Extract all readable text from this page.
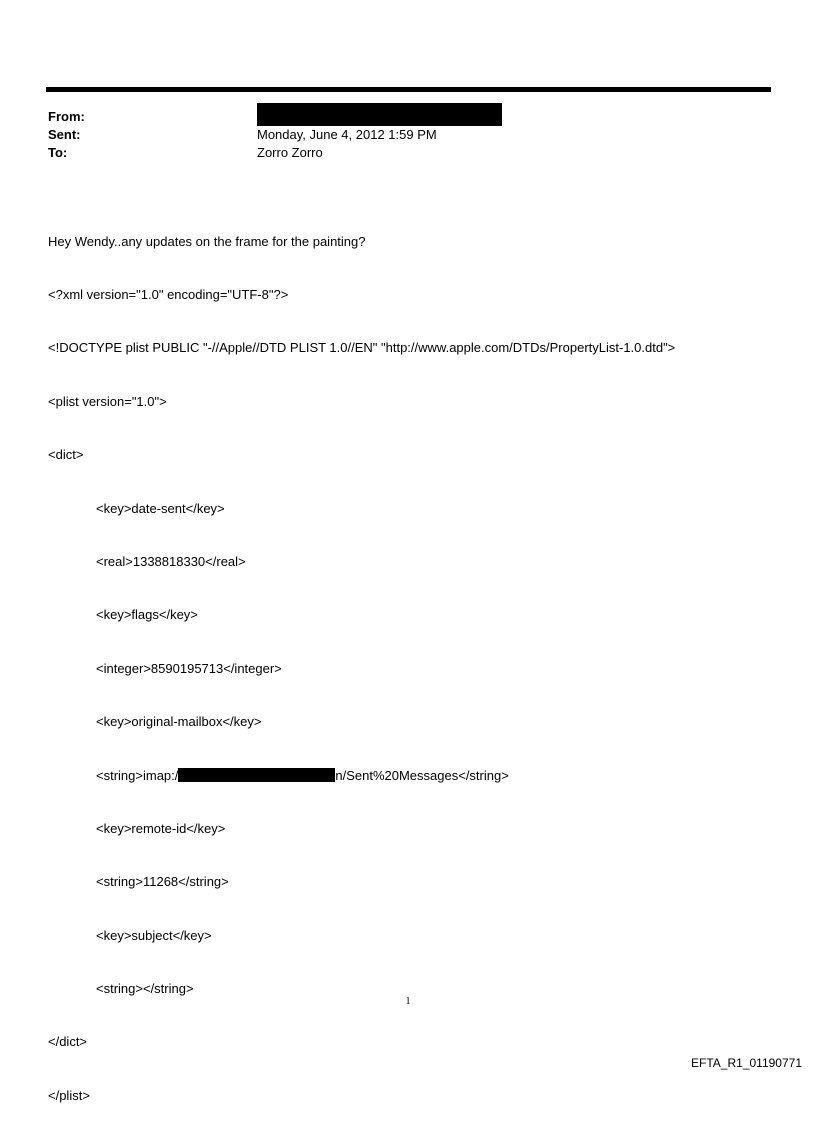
From:
Sent:	Monday, June 4, 2012 1:59 PM
To:	Zorro Zorro

Hey Wendy..any updates on the frame for the painting?

<?xml version="1.0" encoding="UTF-8"?>

<!DOCTYPE plist PUBLIC "-//Apple//DTD PLIST 1.0//EN" "http://www.apple.com/DTDs/PropertyList-1.0.dtd">

<plist version="1.0">

<dict>

<key>date-sent</key>

<real>1338818330</real>

<key>flags</key>

<integer>8590195713</integer>

<key>original-mailbox</key>

<string>imap:/	n/Sent%20Messages</string>

<key>remote-id</key>

<string>11268</string>

<key>subject</key>

<string></string>

</dict>

</plist>

1
EFTA_R1_01190771
